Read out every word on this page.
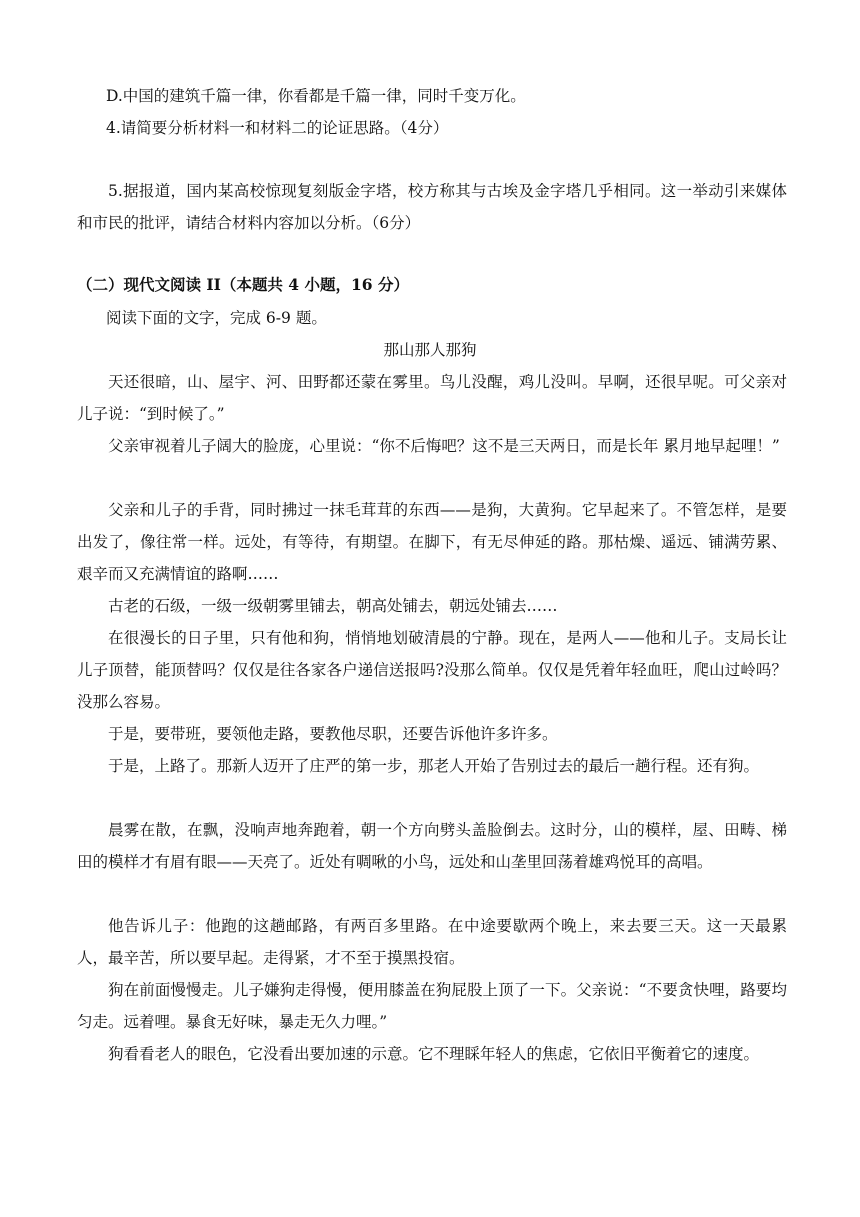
D.中国的建筑千篇一律，你看都是千篇一律，同时千变万化。
4.请简要分析材料一和材料二的论证思路。（4分）
5.据报道，国内某高校惊现复刻版金字塔，校方称其与古埃及金字塔几乎相同。这一举动引来媒体和市民的批评，请结合材料内容加以分析。（6分）
（二）现代文阅读 II（本题共 4 小题，16 分）
阅读下面的文字，完成 6-9 题。
那山那人那狗
天还很暗，山、屋宇、河、田野都还蒙在雾里。鸟儿没醒，鸡儿没叫。早啊，还很早呢。可父亲对儿子说：“到时候了。”
父亲审视着儿子阔大的脸庞，心里说：“你不后悔吧？这不是三天两日，而是长年 累月地早起哩！”
父亲和儿子的手背，同时拂过一抹毛茸茸的东西——是狗，大黄狗。它早起来了。不管怎样，是要出发了，像往常一样。远处，有等待，有期望。在脚下，有无尽伸延的路。那枯燥、遥远、铺满劳累、艰辛而又充满情谊的路啊……
古老的石级，一级一级朝雾里铺去，朝高处铺去，朝远处铺去……
在很漫长的日子里，只有他和狗，悄悄地划破清晨的宁静。现在，是两人——他和儿子。支局长让儿子顶替，能顶替吗？仅仅是往各家各户递信送报吗?没那么简单。仅仅是凭着年轻血旺，爬山过岭吗？没那么容易。
于是，要带班，要领他走路，要教他尽职，还要告诉他许多许多。
于是，上路了。那新人迈开了庄严的第一步，那老人开始了告别过去的最后一趟行程。还有狗。
晨雾在散，在飘，没响声地奔跑着，朝一个方向劈头盖脸倒去。这时分，山的模样，屋、田畴、梯田的模样才有眉有眼——天亮了。近处有啁啾的小鸟，远处和山垄里回荡着雄鸡悦耳的高唱。
他告诉儿子：他跑的这趟邮路，有两百多里路。在中途要歇两个晚上，来去要三天。这一天最累人，最辛苦，所以要早起。走得紧，才不至于摸黑投宿。
狗在前面慢慢走。儿子嫌狗走得慢，便用膝盖在狗屁股上顶了一下。父亲说：“不要贪快哩，路要均匀走。远着哩。暴食无好味，暴走无久力哩。”
狗看看老人的眼色，它没看出要加速的示意。它不理睬年轻人的焦虑，它依旧平衡着它的速度。
